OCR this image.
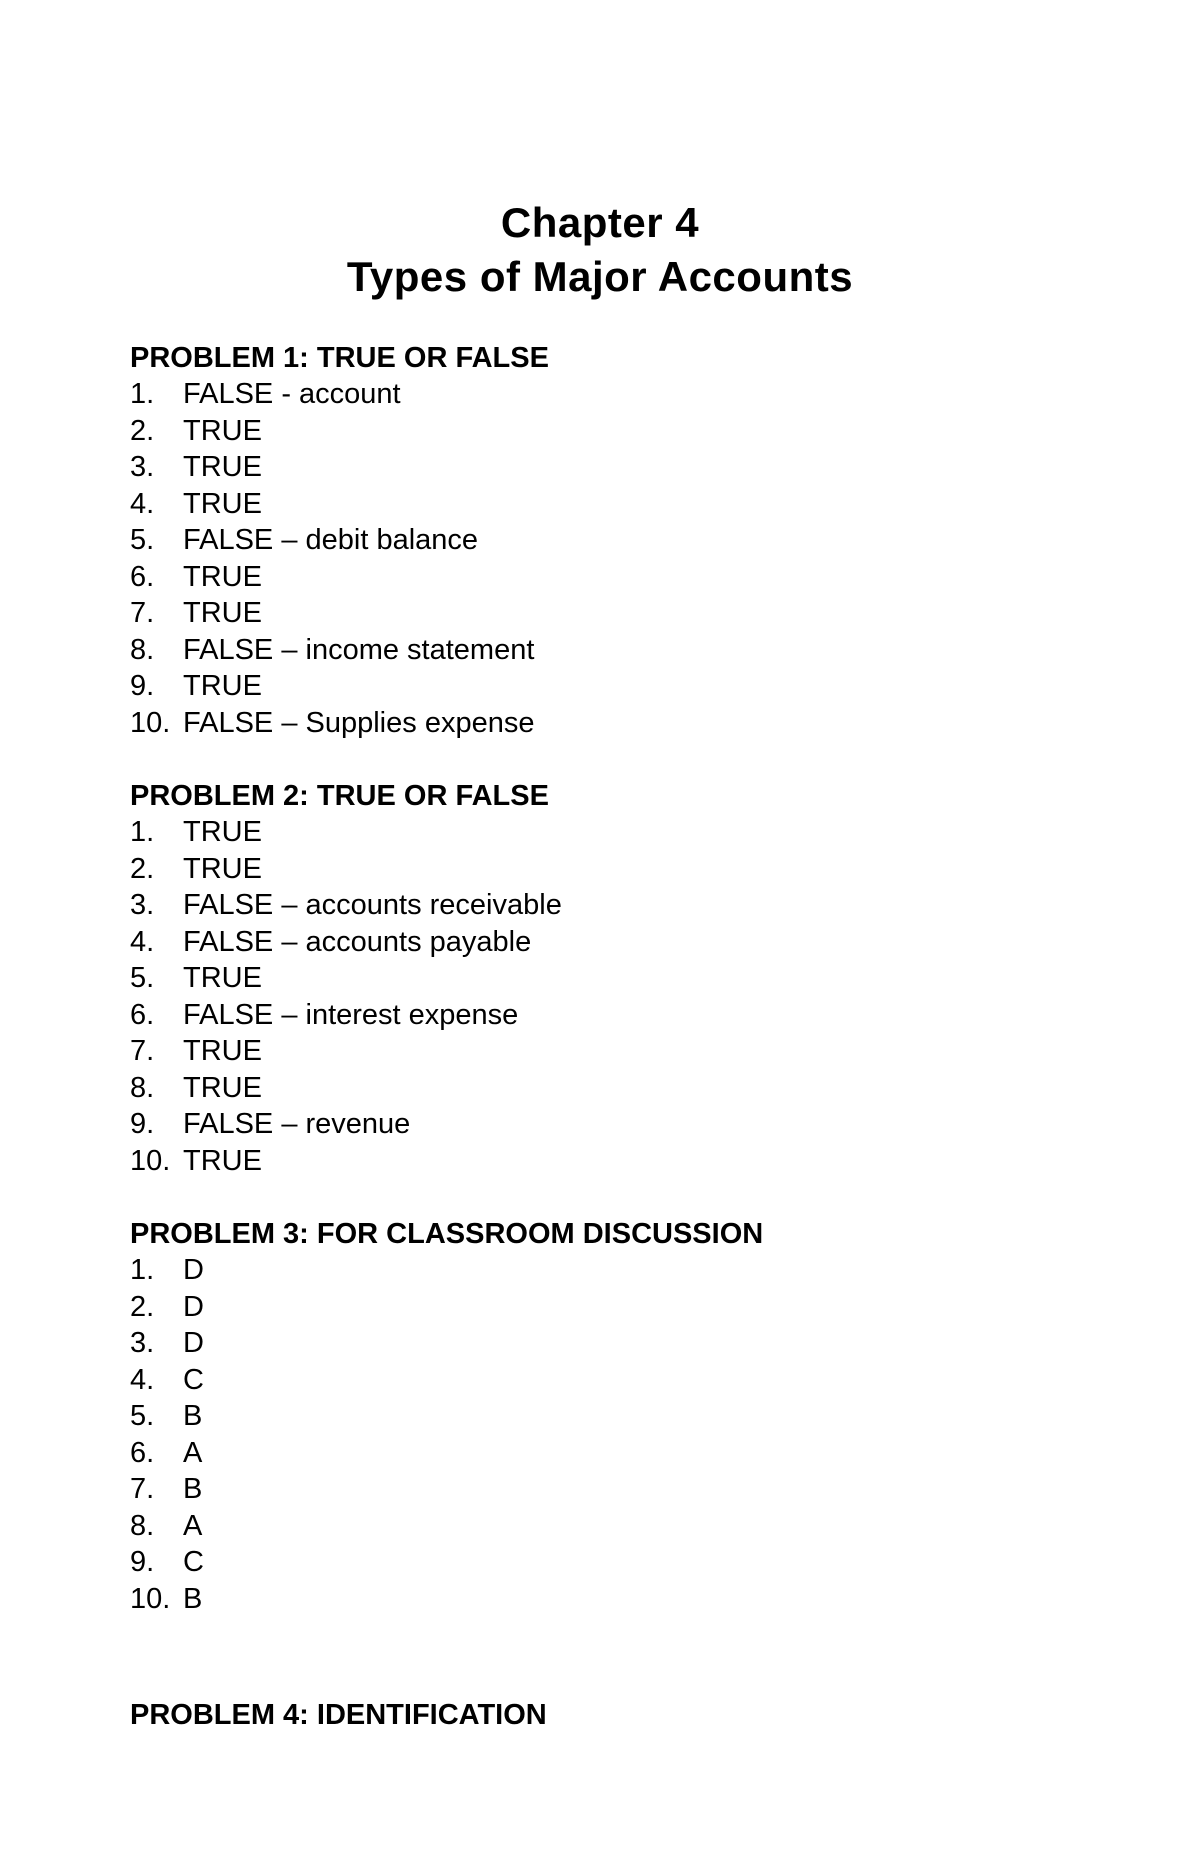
Chapter 4
Types of Major Accounts
PROBLEM 1: TRUE OR FALSE
1. FALSE - account
2. TRUE
3. TRUE
4. TRUE
5. FALSE – debit balance
6. TRUE
7. TRUE
8. FALSE – income statement
9. TRUE
10. FALSE – Supplies expense
PROBLEM 2: TRUE OR FALSE
1. TRUE
2. TRUE
3. FALSE – accounts receivable
4. FALSE – accounts payable
5. TRUE
6. FALSE – interest expense
7. TRUE
8. TRUE
9. FALSE – revenue
10. TRUE
PROBLEM 3: FOR CLASSROOM DISCUSSION
1. D
2. D
3. D
4. C
5. B
6. A
7. B
8. A
9. C
10. B
PROBLEM 4: IDENTIFICATION
